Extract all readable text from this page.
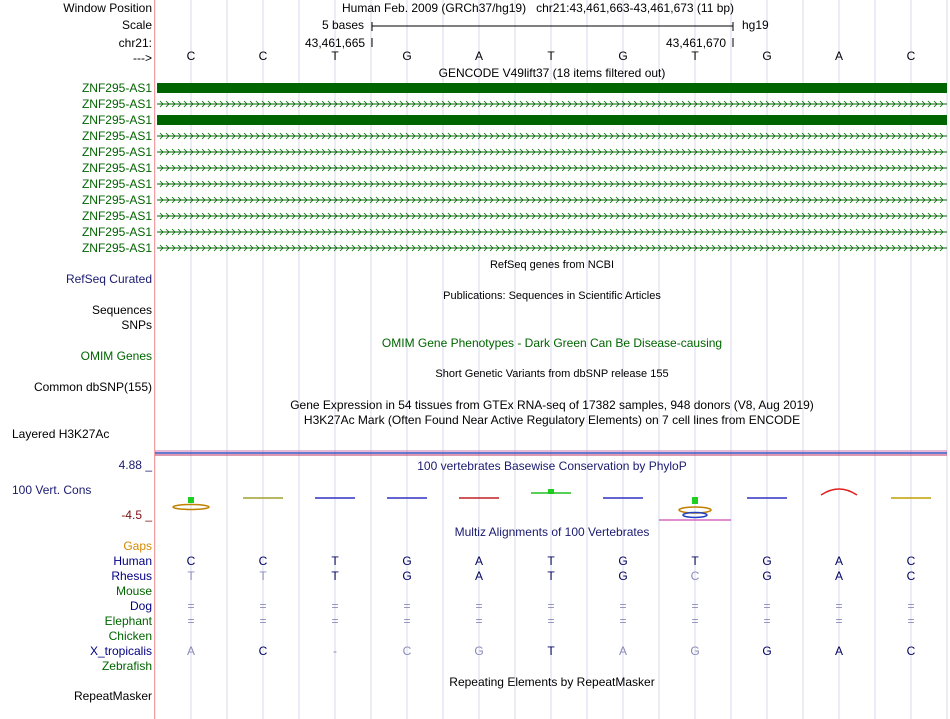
Window Position
Scale
chr21:
--->
Human Feb. 2009 (GRCh37/hg19) chr21:43,461,663-43,461,673 (11 bp)
5 bases	hg19
43,461,665	43,461,670
C	C	T	G	A	T	G	T	G	A	C
GENCODE V49lift37 (18 items filtered out)
ZNF295-AS1
ZNF295-AS1
ZNF295-AS1
ZNF295-AS1
ZNF295-AS1
ZNF295-AS1
ZNF295-AS1
ZNF295-AS1
ZNF295-AS1
ZNF295-AS1
ZNF295-AS1
RefSeq Curated
RefSeq genes from NCBI
Publications: Sequences in Scientific Articles
Sequences
SNPs
OMIM Gene Phenotypes - Dark Green Can Be Disease-causing
OMIM Genes
Short Genetic Variants from dbSNP release 155
Common dbSNP(155)
Gene Expression in 54 tissues from GTEx RNA-seq of 17382 samples, 948 donors (V8, Aug 2019)
H3K27Ac Mark (Often Found Near Active Regulatory Elements) on 7 cell lines from ENCODE
Layered H3K27Ac
100 vertebrates Basewise Conservation by PhyloP
4.88 _
100 Vert. Cons
-4.5 _
Multiz Alignments of 100 Vertebrates
Gaps
Human	C	C	T	G	A	T	G	T	G	A	C
Rhesus	T	T	T	G	A	T	G	C	G	A	C
Mouse
Dog	=	=	=	=	=	=	=	=	=	=	=
Elephant	=	=	=	=	=	=	=	=	=	=	=
Chicken
X_tropicalis	A	C	-	C	G	T	A	G	G	A	C
Zebrafish
Repeating Elements by RepeatMasker
RepeatMasker
